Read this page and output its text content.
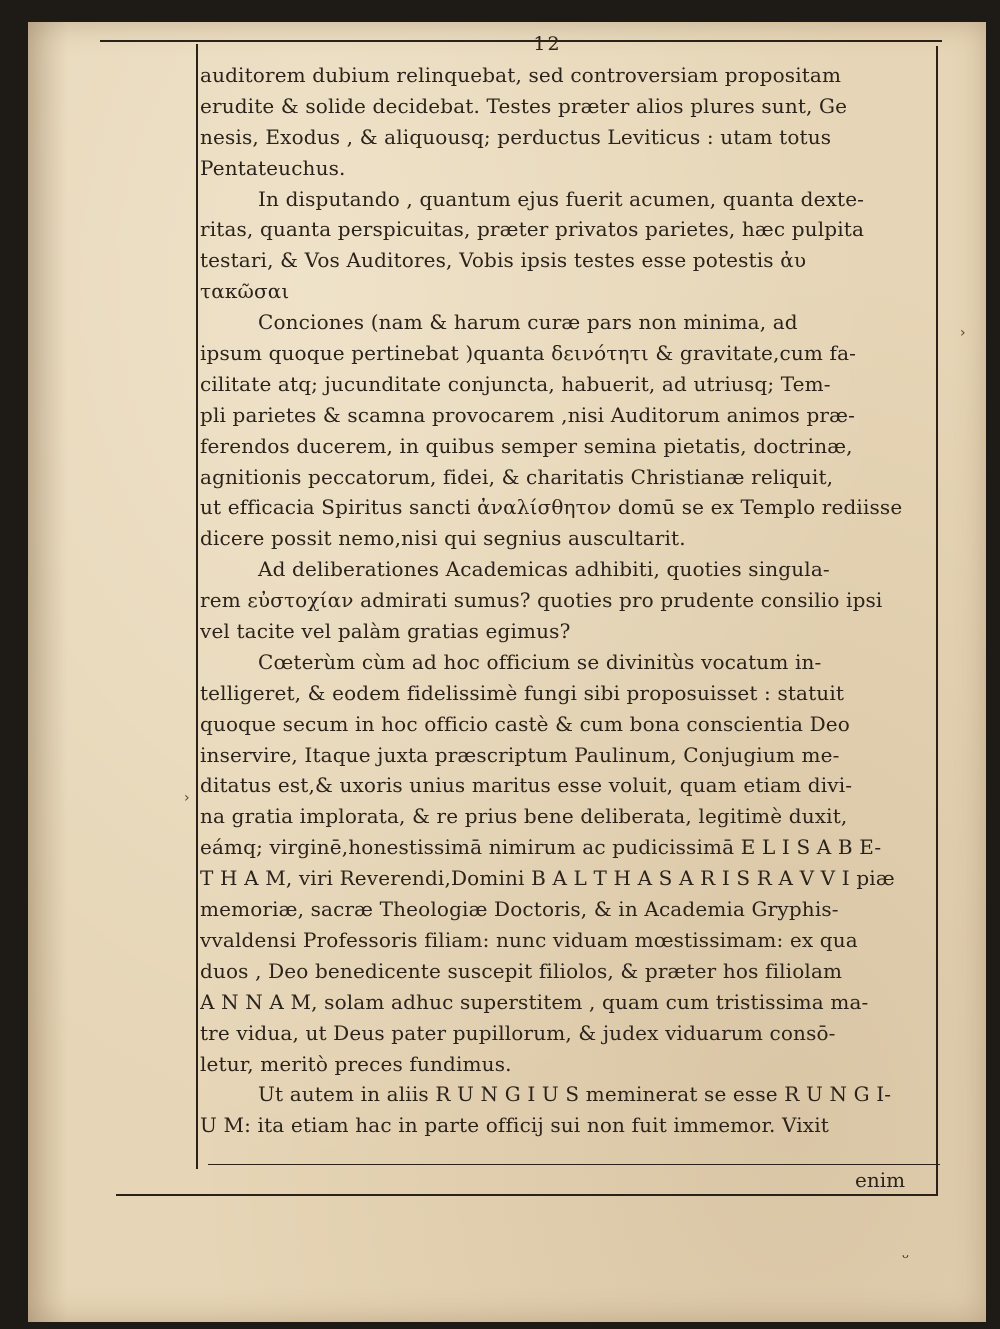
12
auditorem dubium relinquebat, sed controversiam propositam
erudite & solide decidebat. Testes præter alios plures sunt, Ge
nesis, Exodus , & aliquousq; perductus Leviticus : utam totus
Pentateuchus.
In disputando , quantum ejus fuerit acumen, quanta dexte-
ritas, quanta perspicuitas, præter privatos parietes, hæc pulpita
testari, & Vos Auditores, Vobis ipsis testes esse potestis ἀυ
τακῶσαι
Conciones (nam & harum curæ pars non minima, ad
ipsum quoque pertinebat )quanta δεινότητι & gravitate,cum fa-
cilitate atq; jucunditate conjuncta, habuerit, ad utriusq; Tem-
pli parietes & scamna provocarem ,nisi Auditorum animos præ-
ferendos ducerem, in quibus semper semina pietatis, doctrinæ,
agnitionis peccatorum, fidei, & charitatis Christianæ reliquit,
ut efficacia Spiritus sancti ἀναλίσθητον domū se ex Templo rediisse
dicere possit nemo,nisi qui segnius auscultarit.
Ad deliberationes Academicas adhibiti, quoties singula-
rem εὐστοχίαν admirati sumus? quoties pro prudente consilio ipsi
vel tacite vel palàm gratias egimus?
Cœterùm cùm ad hoc officium se divinitùs vocatum in-
telligeret, & eodem fidelissimè fungi sibi proposuisset : statuit
quoque secum in hoc officio castè & cum bona conscientia Deo
inservire, Itaque juxta præscriptum Paulinum, Conjugium me-
ditatus est,& uxoris unius maritus esse voluit, quam etiam divi-
na gratia implorata, & re prius bene deliberata, legitimè duxit,
eámq; virginē,honestissimā nimirum ac pudicissimā E L I S A B E-
T H A M, viri Reverendi,Domini B A L T H A S A R I S R A V V I piæ
memoriæ, sacræ Theologiæ Doctoris, & in Academia Gryphis-
vvaldensi Professoris filiam: nunc viduam mœstissimam: ex qua
duos , Deo benedicente suscepit filiolos, & præter hos filiolam
A N N A M, solam adhuc superstitem , quam cum tristissima ma-
tre vidua, ut Deus pater pupillorum, & judex viduarum consō-
letur, meritò preces fundimus.
Ut autem in aliis R U N G I U S meminerat se esse R U N G I-
U M: ita etiam hac in parte officij sui non fuit immemor. Vixit
enim
ᵕ
›
›
